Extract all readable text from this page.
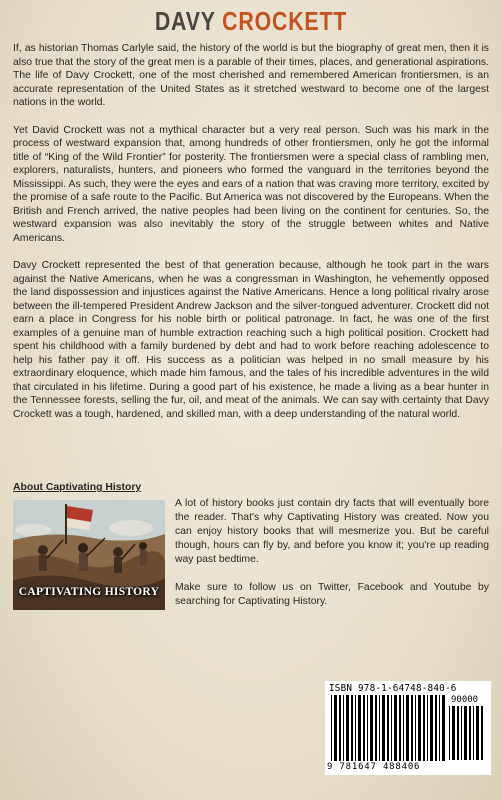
DAVY CROCKETT

If, as historian Thomas Carlyle said, the history of the world is but the biography of great men, then it is also true that the story of the great men is a parable of their times, places, and generational aspirations. The life of Davy Crockett, one of the most cherished and remembered American frontiersmen, is an accurate representation of the United States as it stretched westward to become one of the largest nations in the world.

Yet David Crockett was not a mythical character but a very real person. Such was his mark in the process of westward expansion that, among hundreds of other frontiersmen, only he got the informal title of “King of the Wild Frontier” for posterity. The frontiersmen were a special class of rambling men, explorers, naturalists, hunters, and pioneers who formed the vanguard in the territories beyond the Mississippi. As such, they were the eyes and ears of a nation that was craving more territory, excited by the promise of a safe route to the Pacific. But America was not discovered by the Europeans. When the British and French arrived, the native peoples had been living on the continent for centuries. So, the westward expansion was also inevitably the story of the struggle between whites and Native Americans.

Davy Crockett represented the best of that generation because, although he took part in the wars against the Native Americans, when he was a congressman in Washington, he vehemently opposed the land dispossession and injustices against the Native Americans. Hence a long political rivalry arose between the ill-tempered President Andrew Jackson and the silver-tongued adventurer. Crockett did not earn a place in Congress for his noble birth or political patronage. In fact, he was one of the first examples of a genuine man of humble extraction reaching such a high political position. Crockett had spent his childhood with a family burdened by debt and had to work before reaching adolescence to help his father pay it off. His success as a politician was helped in no small measure by his extraordinary eloquence, which made him famous, and the tales of his incredible adventures in the wild that circulated in his lifetime. During a good part of his existence, he made a living as a bear hunter in the Tennessee forests, selling the fur, oil, and meat of the animals. We can say with certainty that Davy Crockett was a tough, hardened, and skilled man, with a deep understanding of the natural world.

About Captivating History
CAPTIVATING HISTORY

A lot of history books just contain dry facts that will eventually bore the reader. That's why Captivating History was created. Now you can enjoy history books that will mesmerize you. But be careful though, hours can fly by, and before you know it; you're up reading way past bedtime.

Make sure to follow us on Twitter, Facebook and Youtube by searching for Captivating History.

ISBN 978-1-64748-840-6
90000
9 781647 488406
